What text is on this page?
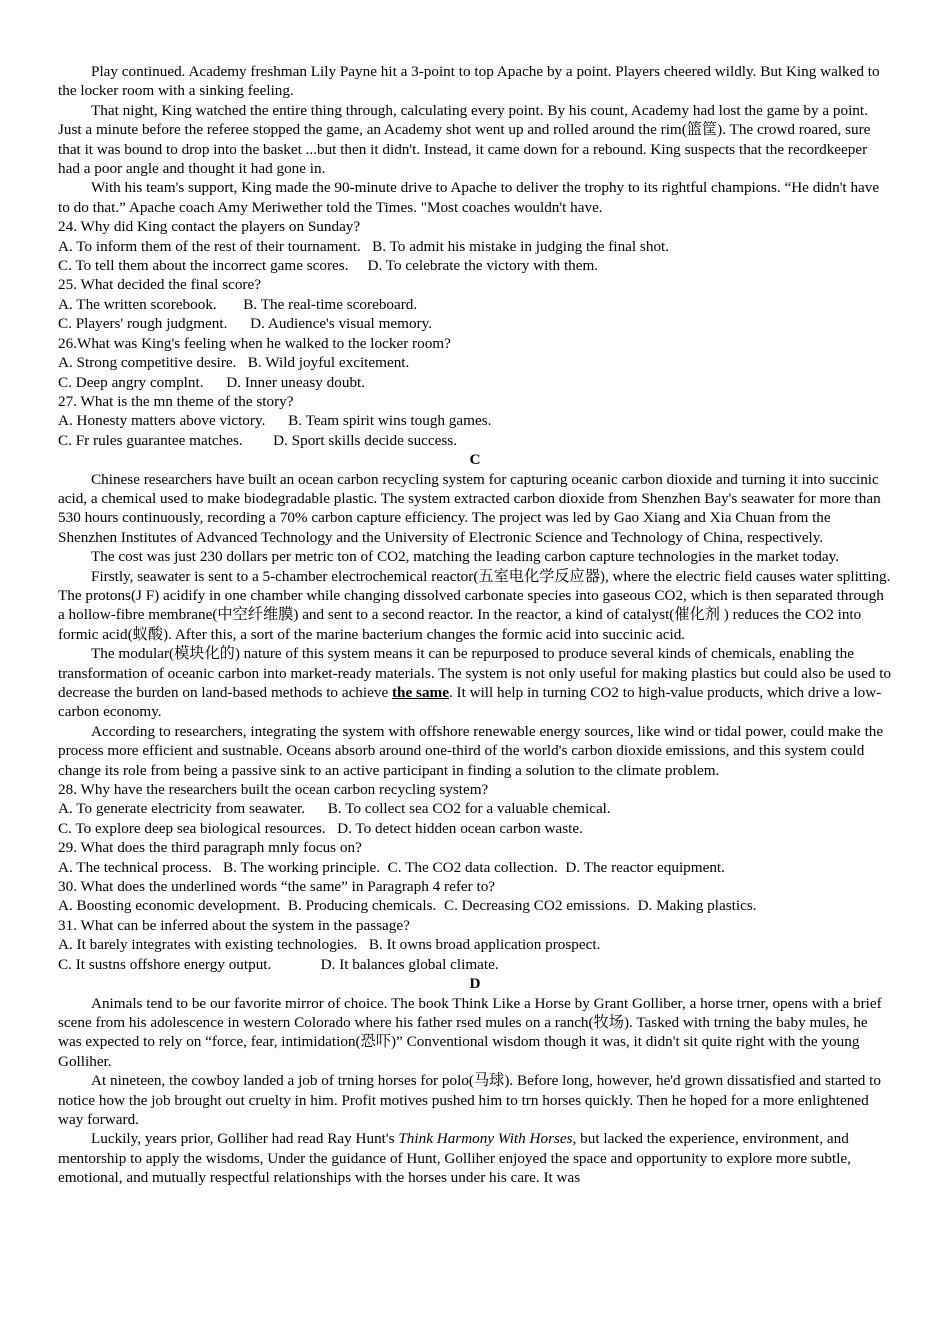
Play continued. Academy freshman Lily Payne hit a 3-point to top Apache by a point. Players cheered wildly. But King walked to the locker room with a sinking feeling.

That night, King watched the entire thing through, calculating every point. By his count, Academy had lost the game by a point. Just a minute before the referee stopped the game, an Academy shot went up and rolled around the rim(篮筐). The crowd roared, sure that it was bound to drop into the basket ...but then it didn't. Instead, it came down for a rebound. King suspects that the recordkeeper had a poor angle and thought it had gone in.

With his team's support, King made the 90-minute drive to Apache to deliver the trophy to its rightful champions. “He didn't have to do that.” Apache coach Amy Meriwether told the Times. "Most coaches wouldn't have.

24. Why did King contact the players on Sunday?

A. To inform them of the rest of their tournament.   B. To admit his mistake in judging the final shot.

C. To tell them about the incorrect game scores.     D. To celebrate the victory with them.

25. What decided the final score?

A. The written scorebook.       B. The real-time scoreboard.

C. Players' rough judgment.      D. Audience's visual memory.

26.What was King's feeling when he walked to the locker room?

A. Strong competitive desire.   B. Wild joyful excitement.

C. Deep angry complnt.      D. Inner uneasy doubt.

27. What is the mn theme of the story?

A. Honesty matters above victory.      B. Team spirit wins tough games.

C. Fr rules guarantee matches.        D. Sport skills decide success.

C

Chinese researchers have built an ocean carbon recycling system for capturing oceanic carbon dioxide and turning it into succinic acid, a chemical used to make biodegradable plastic. The system extracted carbon dioxide from Shenzhen Bay's seawater for more than 530 hours continuously, recording a 70% carbon capture efficiency. The project was led by Gao Xiang and Xia Chuan from the Shenzhen Institutes of Advanced Technology and the University of Electronic Science and Technology of China, respectively.

The cost was just 230 dollars per metric ton of CO2, matching the leading carbon capture technologies in the market today.

Firstly, seawater is sent to a 5-chamber electrochemical reactor(五室电化学反应器), where the electric field causes water splitting. The protons(J F) acidify in one chamber while changing dissolved carbonate species into gaseous CO2, which is then separated through a hollow-fibre membrane(中空纤维膜) and sent to a second reactor. In the reactor, a kind of catalyst(催化剂 ) reduces the CO2 into formic acid(蚁酸). After this, a sort of the marine bacterium changes the formic acid into succinic acid.

The modular(模块化的) nature of this system means it can be repurposed to produce several kinds of chemicals, enabling the transformation of oceanic carbon into market-ready materials. The system is not only useful for making plastics but could also be used to decrease the burden on land-based methods to achieve the same. It will help in turning CO2 to high-value products, which drive a low-carbon economy.

According to researchers, integrating the system with offshore renewable energy sources, like wind or tidal power, could make the process more efficient and sustnable. Oceans absorb around one-third of the world's carbon dioxide emissions, and this system could change its role from being a passive sink to an active participant in finding a solution to the climate problem.

28. Why have the researchers built the ocean carbon recycling system?

A. To generate electricity from seawater.      B. To collect sea CO2 for a valuable chemical.

C. To explore deep sea biological resources.   D. To detect hidden ocean carbon waste.

29. What does the third paragraph mnly focus on?

A. The technical process.   B. The working principle.  C. The CO2 data collection.  D. The reactor equipment.

30. What does the underlined words “the same” in Paragraph 4 refer to?

A. Boosting economic development.  B. Producing chemicals.  C. Decreasing CO2 emissions.  D. Making plastics.

31. What can be inferred about the system in the passage?

A. It barely integrates with existing technologies.   B. It owns broad application prospect.

C. It sustns offshore energy output.             D. It balances global climate.

D

Animals tend to be our favorite mirror of choice. The book Think Like a Horse by Grant Golliber, a horse trner, opens with a brief scene from his adolescence in western Colorado where his father rsed mules on a ranch(牧场). Tasked with trning the baby mules, he was expected to rely on “force, fear, intimidation(恐吓)” Conventional wisdom though it was, it didn't sit quite right with the young Golliher.

At nineteen, the cowboy landed a job of trning horses for polo(马球). Before long, however, he'd grown dissatisfied and started to notice how the job brought out cruelty in him. Profit motives pushed him to trn horses quickly. Then he hoped for a more enlightened way forward.

Luckily, years prior, Golliher had read Ray Hunt's Think Harmony With Horses, but lacked the experience, environment, and mentorship to apply the wisdoms, Under the guidance of Hunt, Golliher enjoyed the space and opportunity to explore more subtle, emotional, and mutually respectful relationships with the horses under his care. It was
